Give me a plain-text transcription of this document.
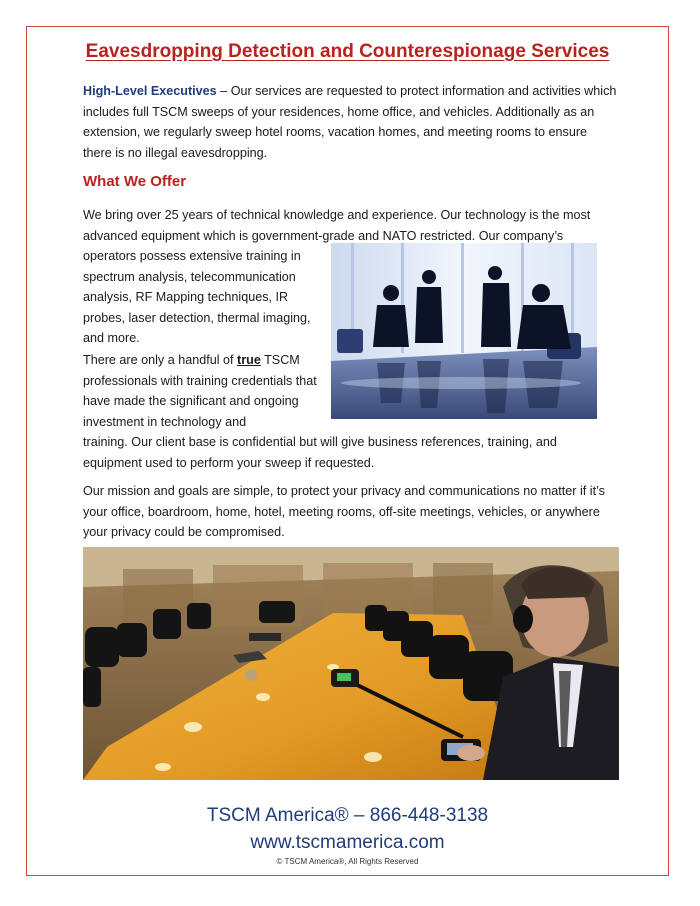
Eavesdropping Detection and Counterespionage Services

High-Level Executives – Our services are requested to protect information and activities which includes full TSCM sweeps of your residences, home office, and vehicles. Additionally as an extension, we regularly sweep hotel rooms, vacation homes, and meeting rooms to ensure there is no illegal eavesdropping.

What We Offer

We bring over 25 years of technical knowledge and experience. Our technology is the most advanced equipment which is government-grade and NATO restricted. Our company’s

operators possess extensive training in spectrum analysis, telecommunication analysis, RF Mapping techniques, IR probes, laser detection, thermal imaging, and more.

There are only a handful of true TSCM professionals with training credentials that have made the significant and ongoing investment in technology and

training. Our client base is confidential but will give business references, training, and equipment used to perform your sweep if requested.

Our mission and goals are simple, to protect your privacy and communications no matter if it’s your office, boardroom, home, hotel, meeting rooms, off-site meetings, vehicles, or anywhere your privacy could be compromised.

TSCM America® – 866-448-3138

www.tscmamerica.com

© TSCM America®, All Rights Reserved
